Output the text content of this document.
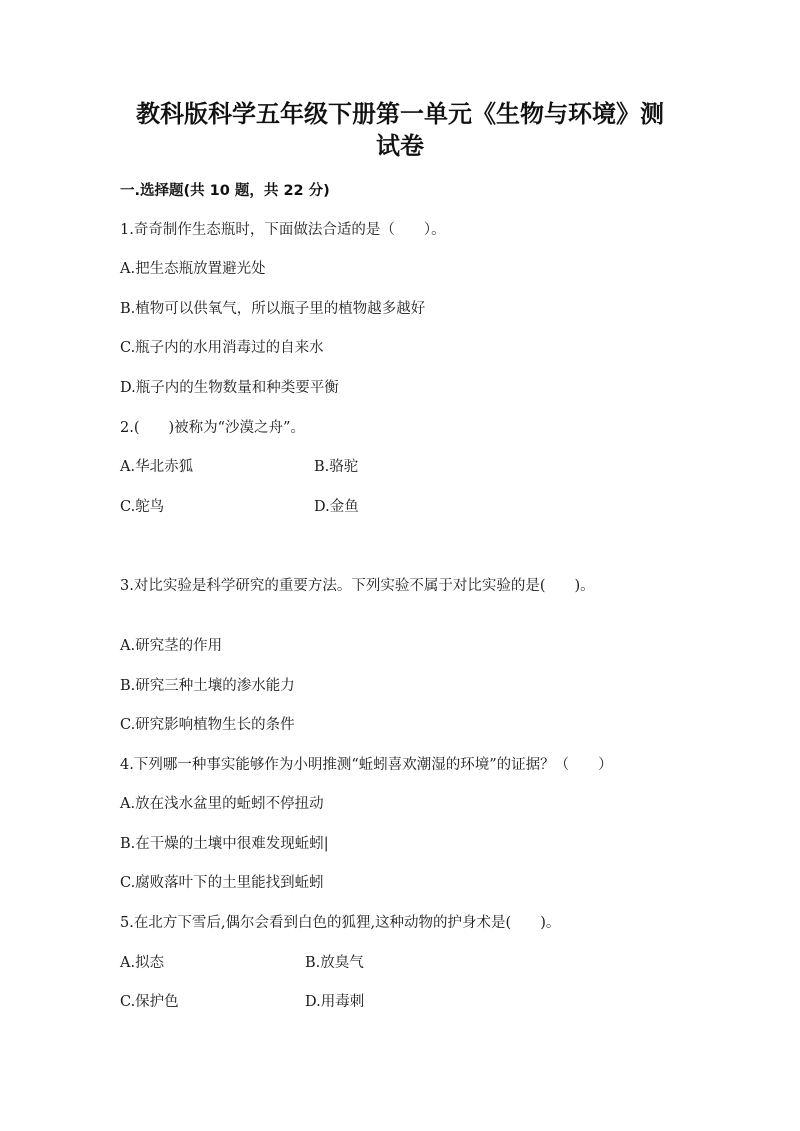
教科版科学五年级下册第一单元《生物与环境》测
试卷
一.选择题(共 10 题，共 22 分)
1.奇奇制作生态瓶时，下面做法合适的是（　　）。
A.把生态瓶放置避光处
B.植物可以供氧气，所以瓶子里的植物越多越好
C.瓶子内的水用消毒过的自来水
D.瓶子内的生物数量和种类要平衡
2.(　　)被称为“沙漠之舟”。
A.华北赤狐	B.骆驼
C.鸵鸟	D.金鱼
3.对比实验是科学研究的重要方法。下列实验不属于对比实验的是(　　)。
A.研究茎的作用
B.研究三种土壤的渗水能力
C.研究影响植物生长的条件
4.下列哪一种事实能够作为小明推测“蚯蚓喜欢潮湿的环境”的证据？（　　）
A.放在浅水盆里的蚯蚓不停扭动
B.在干燥的土壤中很难发现蚯蚓|
C.腐败落叶下的土里能找到蚯蚓
5.在北方下雪后,偶尔会看到白色的狐狸,这种动物的护身术是(　　)。
A.拟态	B.放臭气
C.保护色	D.用毒刺
